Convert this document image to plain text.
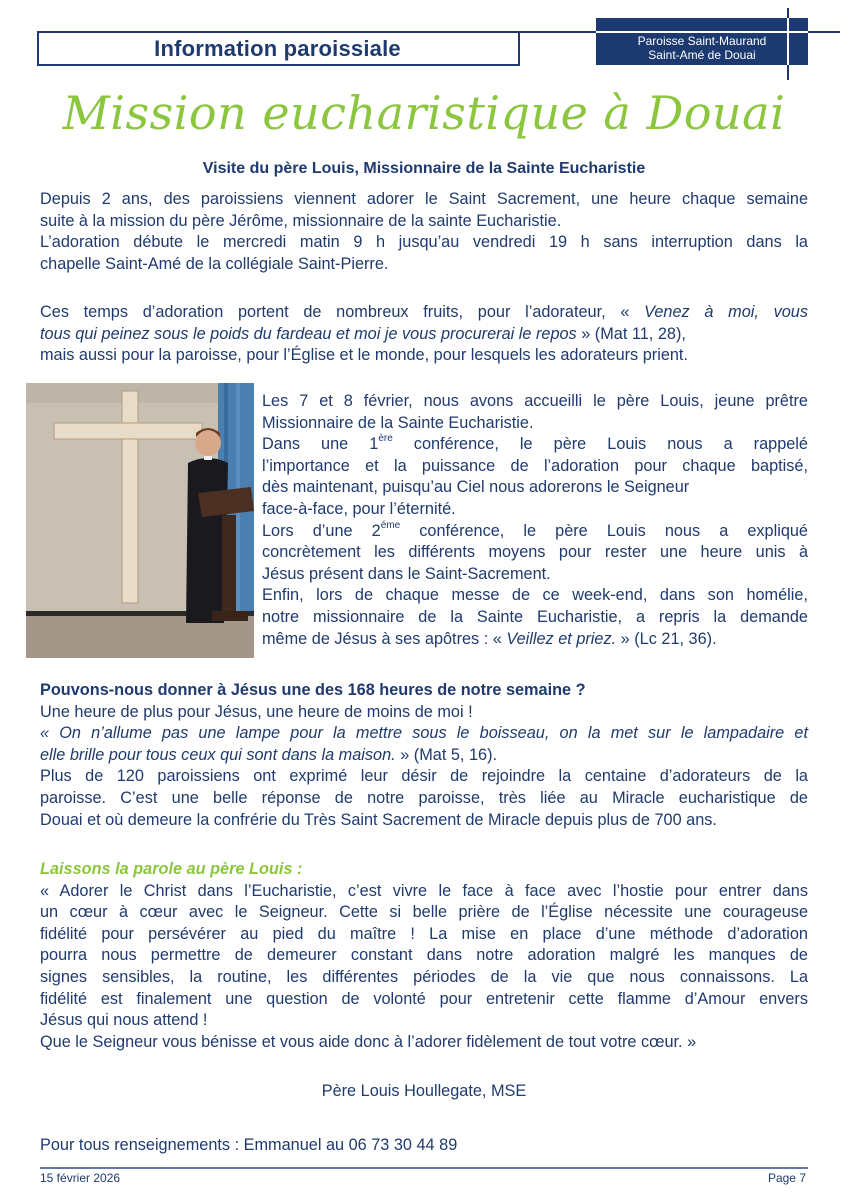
Information paroissiale	Paroisse Saint-Maurand
Saint-Amé de Douai
Mission eucharistique à Douai
Visite du père Louis, Missionnaire de la Sainte Eucharistie
Depuis 2 ans, des paroissiens viennent adorer le Saint Sacrement, une heure chaque semaine
suite à la mission du père Jérôme, missionnaire de la sainte Eucharistie.
L’adoration débute le mercredi matin 9 h jusqu’au vendredi 19 h sans interruption dans la
chapelle Saint-Amé de la collégiale Saint-Pierre.
Ces temps d’adoration portent de nombreux fruits, pour l’adorateur, « Venez à moi, vous
tous qui peinez sous le poids du fardeau et moi je vous procurerai le repos » (Mat 11, 28),
mais aussi pour la paroisse, pour l’Église et le monde, pour lesquels les adorateurs prient.
Les 7 et 8 février, nous avons accueilli le père Louis, jeune prêtre
Missionnaire de la Sainte Eucharistie.
Dans une 1ère conférence, le père Louis nous a rappelé
l’importance et la puissance de l’adoration pour chaque baptisé,
dès maintenant, puisqu’au Ciel nous adorerons le Seigneur
face-à-face, pour l’éternité.
Lors d’une $2^{éme}$ conférence, le père Louis nous a expliqué
concrètement les différents moyens pour rester une heure unis à
Jésus présent dans le Saint-Sacrement.
Enfin, lors de chaque messe de ce week-end, dans son homélie,
notre missionnaire de la Sainte Eucharistie, a repris la demande
même de Jésus à ses apôtres : « Veillez et priez. » (Lc 21, 36).
Pouvons-nous donner à Jésus une des 168 heures de notre semaine ?
Une heure de plus pour Jésus, une heure de moins de moi !
« On n’allume pas une lampe pour la mettre sous le boisseau, on la met sur le lampadaire et
elle brille pour tous ceux qui sont dans la maison. » (Mat 5, 16).
Plus de 120 paroissiens ont exprimé leur désir de rejoindre la centaine d’adorateurs de la
paroisse. C’est une belle réponse de notre paroisse, très liée au Miracle eucharistique de
Douai et où demeure la confrérie du Très Saint Sacrement de Miracle depuis plus de 700 ans.
Laissons la parole au père Louis :
« Adorer le Christ dans l’Eucharistie, c’est vivre le face à face avec l’hostie pour entrer dans
un cœur à cœur avec le Seigneur. Cette si belle prière de l’Église nécessite une courageuse
fidélité pour persévérer au pied du maître ! La mise en place d’une méthode d’adoration
pourra nous permettre de demeurer constant dans notre adoration malgré les manques de
signes sensibles, la routine, les différentes périodes de la vie que nous connaissons. La
fidélité est finalement une question de volonté pour entretenir cette flamme d’Amour envers
Jésus qui nous attend !
Que le Seigneur vous bénisse et vous aide donc à l’adorer fidèlement de tout votre cœur. »
Père Louis Houllegate, MSE
Pour tous renseignements : Emmanuel au 06 73 30 44 89
15 février 2026	Page 7
